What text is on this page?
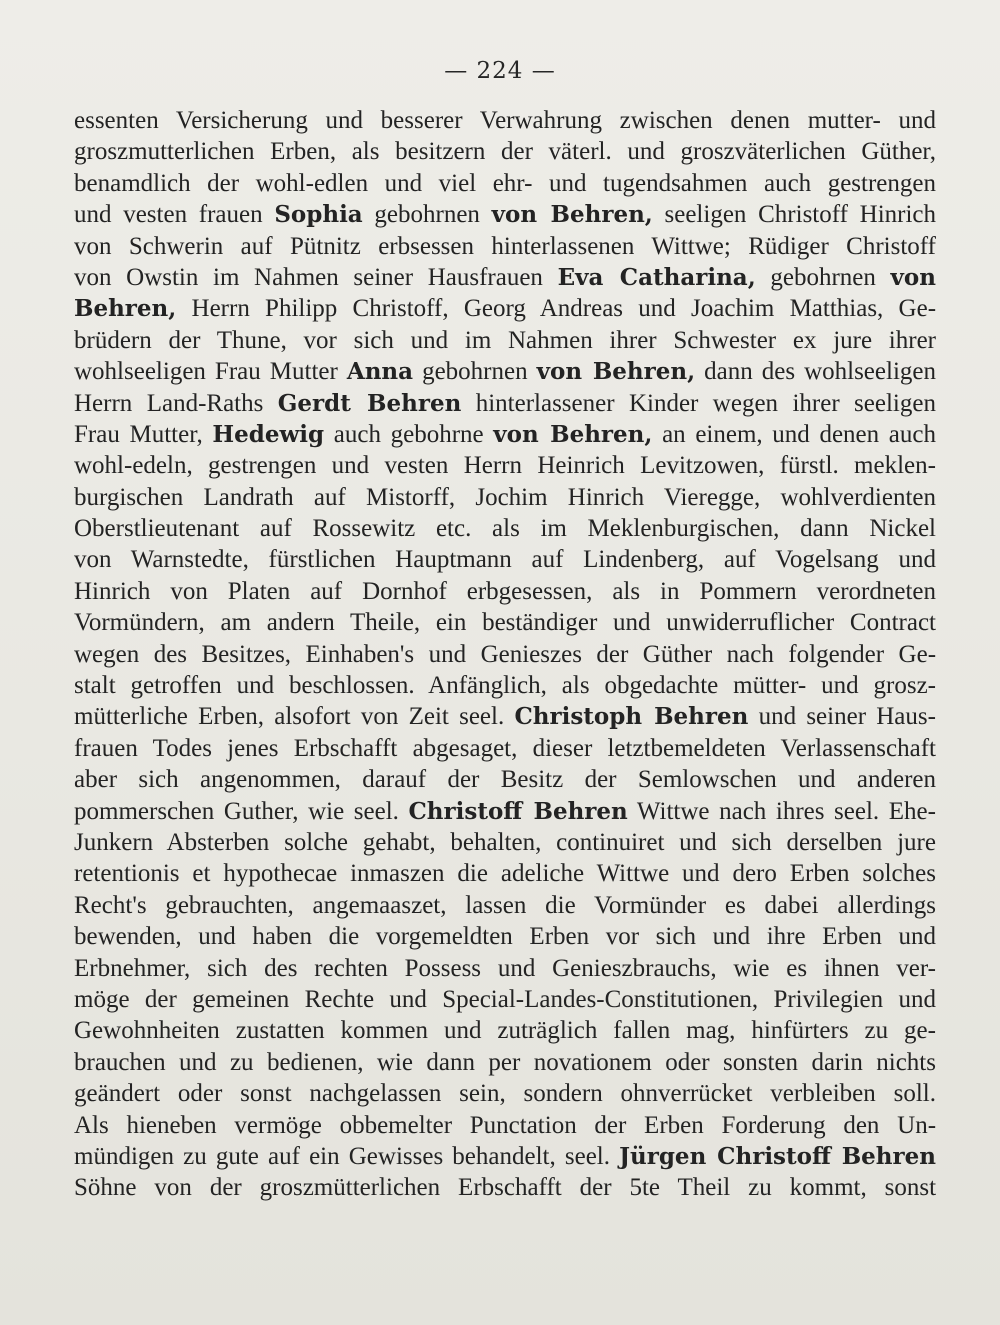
— 224 —
essenten Versicherung und besserer Verwahrung zwischen denen mutter- und
groszmutterlichen Erben, als besitzern der väterl. und groszväterlichen Güther,
benamdlich der wohl-edlen und viel ehr- und tugendsahmen auch gestrengen
und vesten frauen Sophia gebohrnen von Behren, seeligen Christoff Hinrich
von Schwerin auf Pütnitz erbsessen hinterlassenen Wittwe; Rüdiger Christoff
von Owstin im Nahmen seiner Hausfrauen Eva Catharina, gebohrnen von
Behren, Herrn Philipp Christoff, Georg Andreas und Joachim Matthias, Ge-
brüdern der Thune, vor sich und im Nahmen ihrer Schwester ex jure ihrer
wohlseeligen Frau Mutter Anna gebohrnen von Behren, dann des wohlseeligen
Herrn Land-Raths Gerdt Behren hinterlassener Kinder wegen ihrer seeligen
Frau Mutter, Hedewig auch gebohrne von Behren, an einem, und denen auch
wohl-edeln, gestrengen und vesten Herrn Heinrich Levitzowen, fürstl. meklen-
burgischen Landrath auf Mistorff, Jochim Hinrich Vieregge, wohlverdienten
Oberstlieutenant auf Rossewitz etc. als im Meklenburgischen, dann Nickel
von Warnstedte, fürstlichen Hauptmann auf Lindenberg, auf Vogelsang und
Hinrich von Platen auf Dornhof erbgesessen, als in Pommern verordneten
Vormündern, am andern Theile, ein beständiger und unwiderruflicher Contract
wegen des Besitzes, Einhaben's und Genieszes der Güther nach folgender Ge-
stalt getroffen und beschlossen. Anfänglich, als obgedachte mütter- und grosz-
mütterliche Erben, alsofort von Zeit seel. Christoph Behren und seiner Haus-
frauen Todes jenes Erbschafft abgesaget, dieser letztbemeldeten Verlassenschaft
aber sich angenommen, darauf der Besitz der Semlowschen und anderen
pommerschen Guther, wie seel. Christoff Behren Wittwe nach ihres seel. Ehe-
Junkern Absterben solche gehabt, behalten, continuiret und sich derselben jure
retentionis et hypothecae inmaszen die adeliche Wittwe und dero Erben solches
Recht's gebrauchten, angemaaszet, lassen die Vormünder es dabei allerdings
bewenden, und haben die vorgemeldten Erben vor sich und ihre Erben und
Erbnehmer, sich des rechten Possess und Genieszbrauchs, wie es ihnen ver-
möge der gemeinen Rechte und Special-Landes-Constitutionen, Privilegien und
Gewohnheiten zustatten kommen und zuträglich fallen mag, hinfürters zu ge-
brauchen und zu bedienen, wie dann per novationem oder sonsten darin nichts
geändert oder sonst nachgelassen sein, sondern ohnverrücket verbleiben soll.
Als hieneben vermöge obbemelter Punctation der Erben Forderung den Un-
mündigen zu gute auf ein Gewisses behandelt, seel. Jürgen Christoff Behren
Söhne von der groszmütterlichen Erbschafft der 5te Theil zu kommt, sonst
